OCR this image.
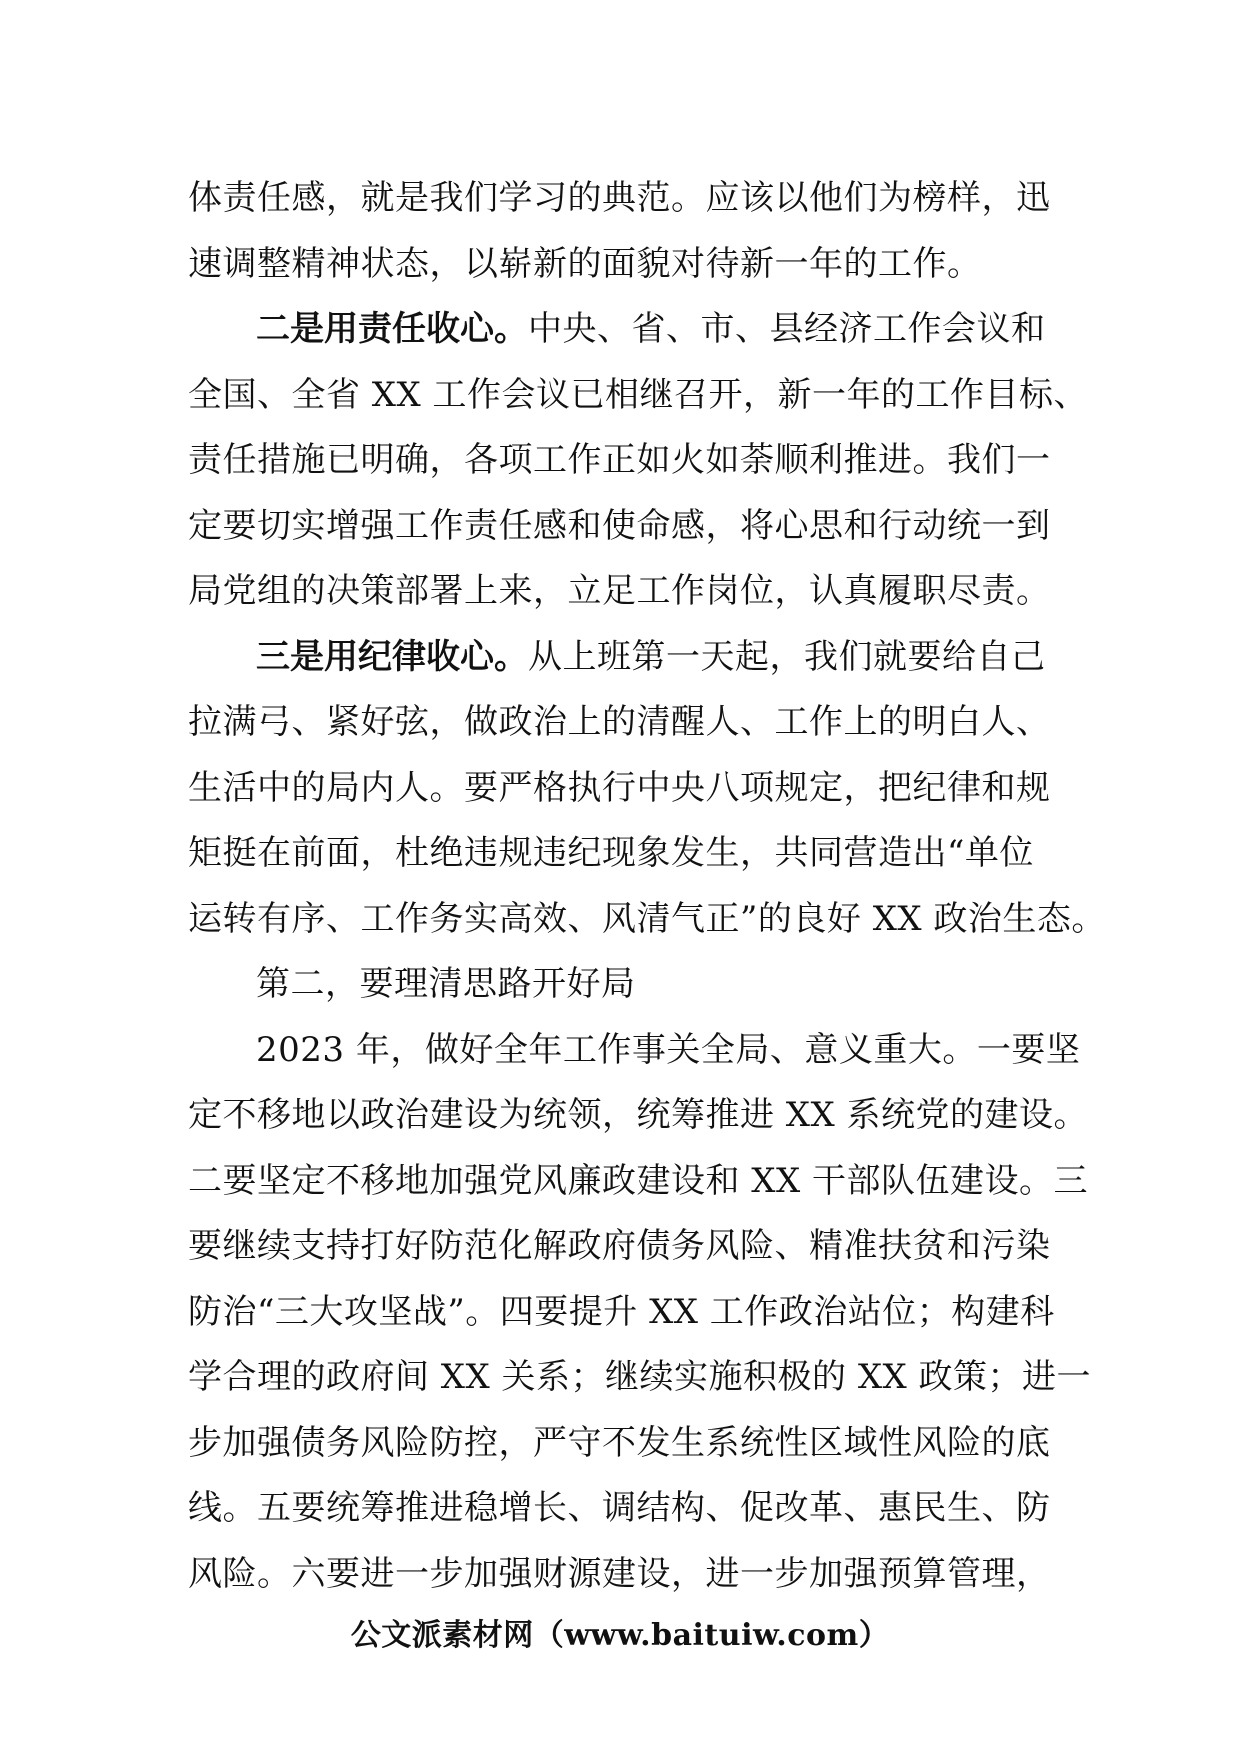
体责任感，就是我们学习的典范。应该以他们为榜样，迅
速调整精神状态，以崭新的面貌对待新一年的工作。
二是用责任收心。中央、省、市、县经济工作会议和
全国、全省 XX 工作会议已相继召开，新一年的工作目标、
责任措施已明确，各项工作正如火如荼顺利推进。我们一
定要切实增强工作责任感和使命感，将心思和行动统一到
局党组的决策部署上来，立足工作岗位，认真履职尽责。
三是用纪律收心。从上班第一天起，我们就要给自己
拉满弓、紧好弦，做政治上的清醒人、工作上的明白人、
生活中的局内人。要严格执行中央八项规定，把纪律和规
矩挺在前面，杜绝违规违纪现象发生，共同营造出“单位
运转有序、工作务实高效、风清气正”的良好 XX 政治生态。
第二，要理清思路开好局
2023 年，做好全年工作事关全局、意义重大。一要坚
定不移地以政治建设为统领，统筹推进 XX 系统党的建设。
二要坚定不移地加强党风廉政建设和 XX 干部队伍建设。三
要继续支持打好防范化解政府债务风险、精准扶贫和污染
防治“三大攻坚战”。四要提升 XX 工作政治站位；构建科
学合理的政府间 XX 关系；继续实施积极的 XX 政策；进一
步加强债务风险防控，严守不发生系统性区域性风险的底
线。五要统筹推进稳增长、调结构、促改革、惠民生、防
风险。六要进一步加强财源建设，进一步加强预算管理，
公文派素材网（www.baituiw.com）
